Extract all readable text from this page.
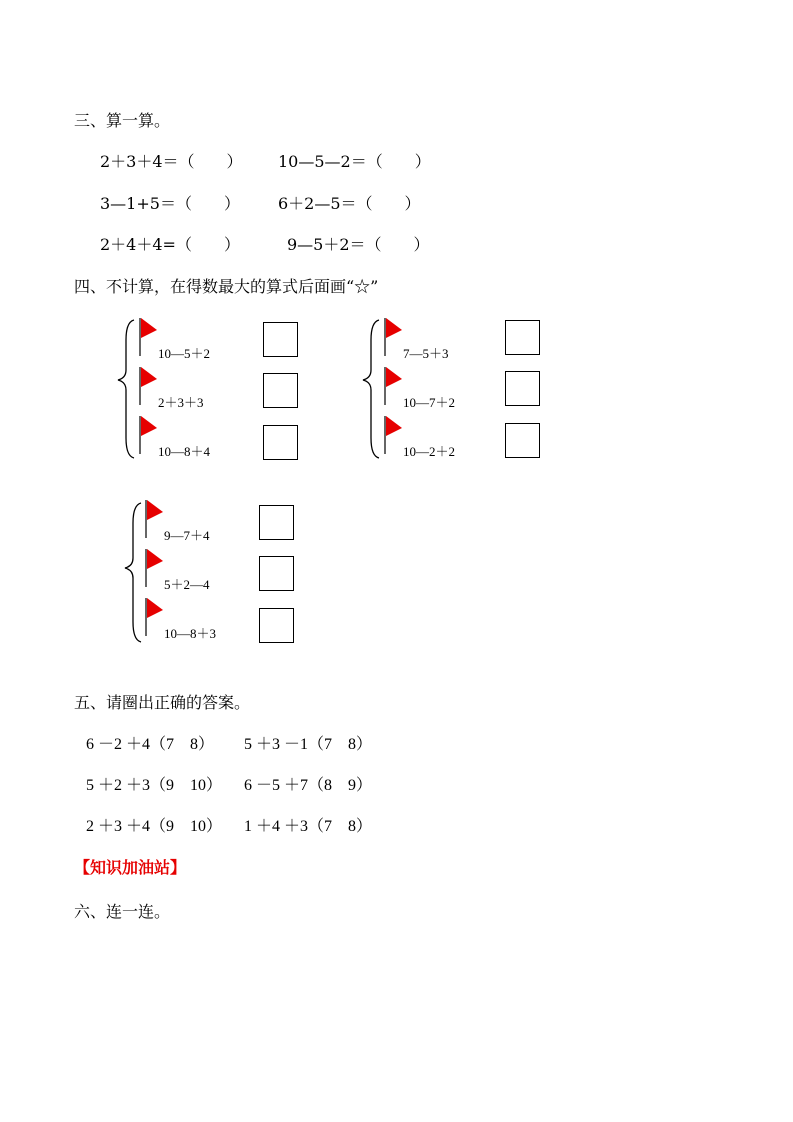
三、算一算。
2＋3＋4＝（　　） 10—5—2＝（　　）
3—1+5＝（　　） 6＋2—5＝（　　）
2＋4＋4=（　　）	9—5＋2＝（　　）
四、不计算，在得数最大的算式后面画“☆”
10—5＋2
2＋3＋3
10—8＋4
7—5＋3
10—7＋2
10—2＋2
9—7＋4
5＋2—4
10—8＋3
五、请圈出正确的答案。
6 －2 ＋4（7　8） 5 ＋3 －1（7　8）
5 ＋2 ＋3（9　10） 6 －5 ＋7（8　9）
2 ＋3 ＋4（9　10） 1 ＋4 ＋3（7　8）
【知识加油站】
六、连一连。
